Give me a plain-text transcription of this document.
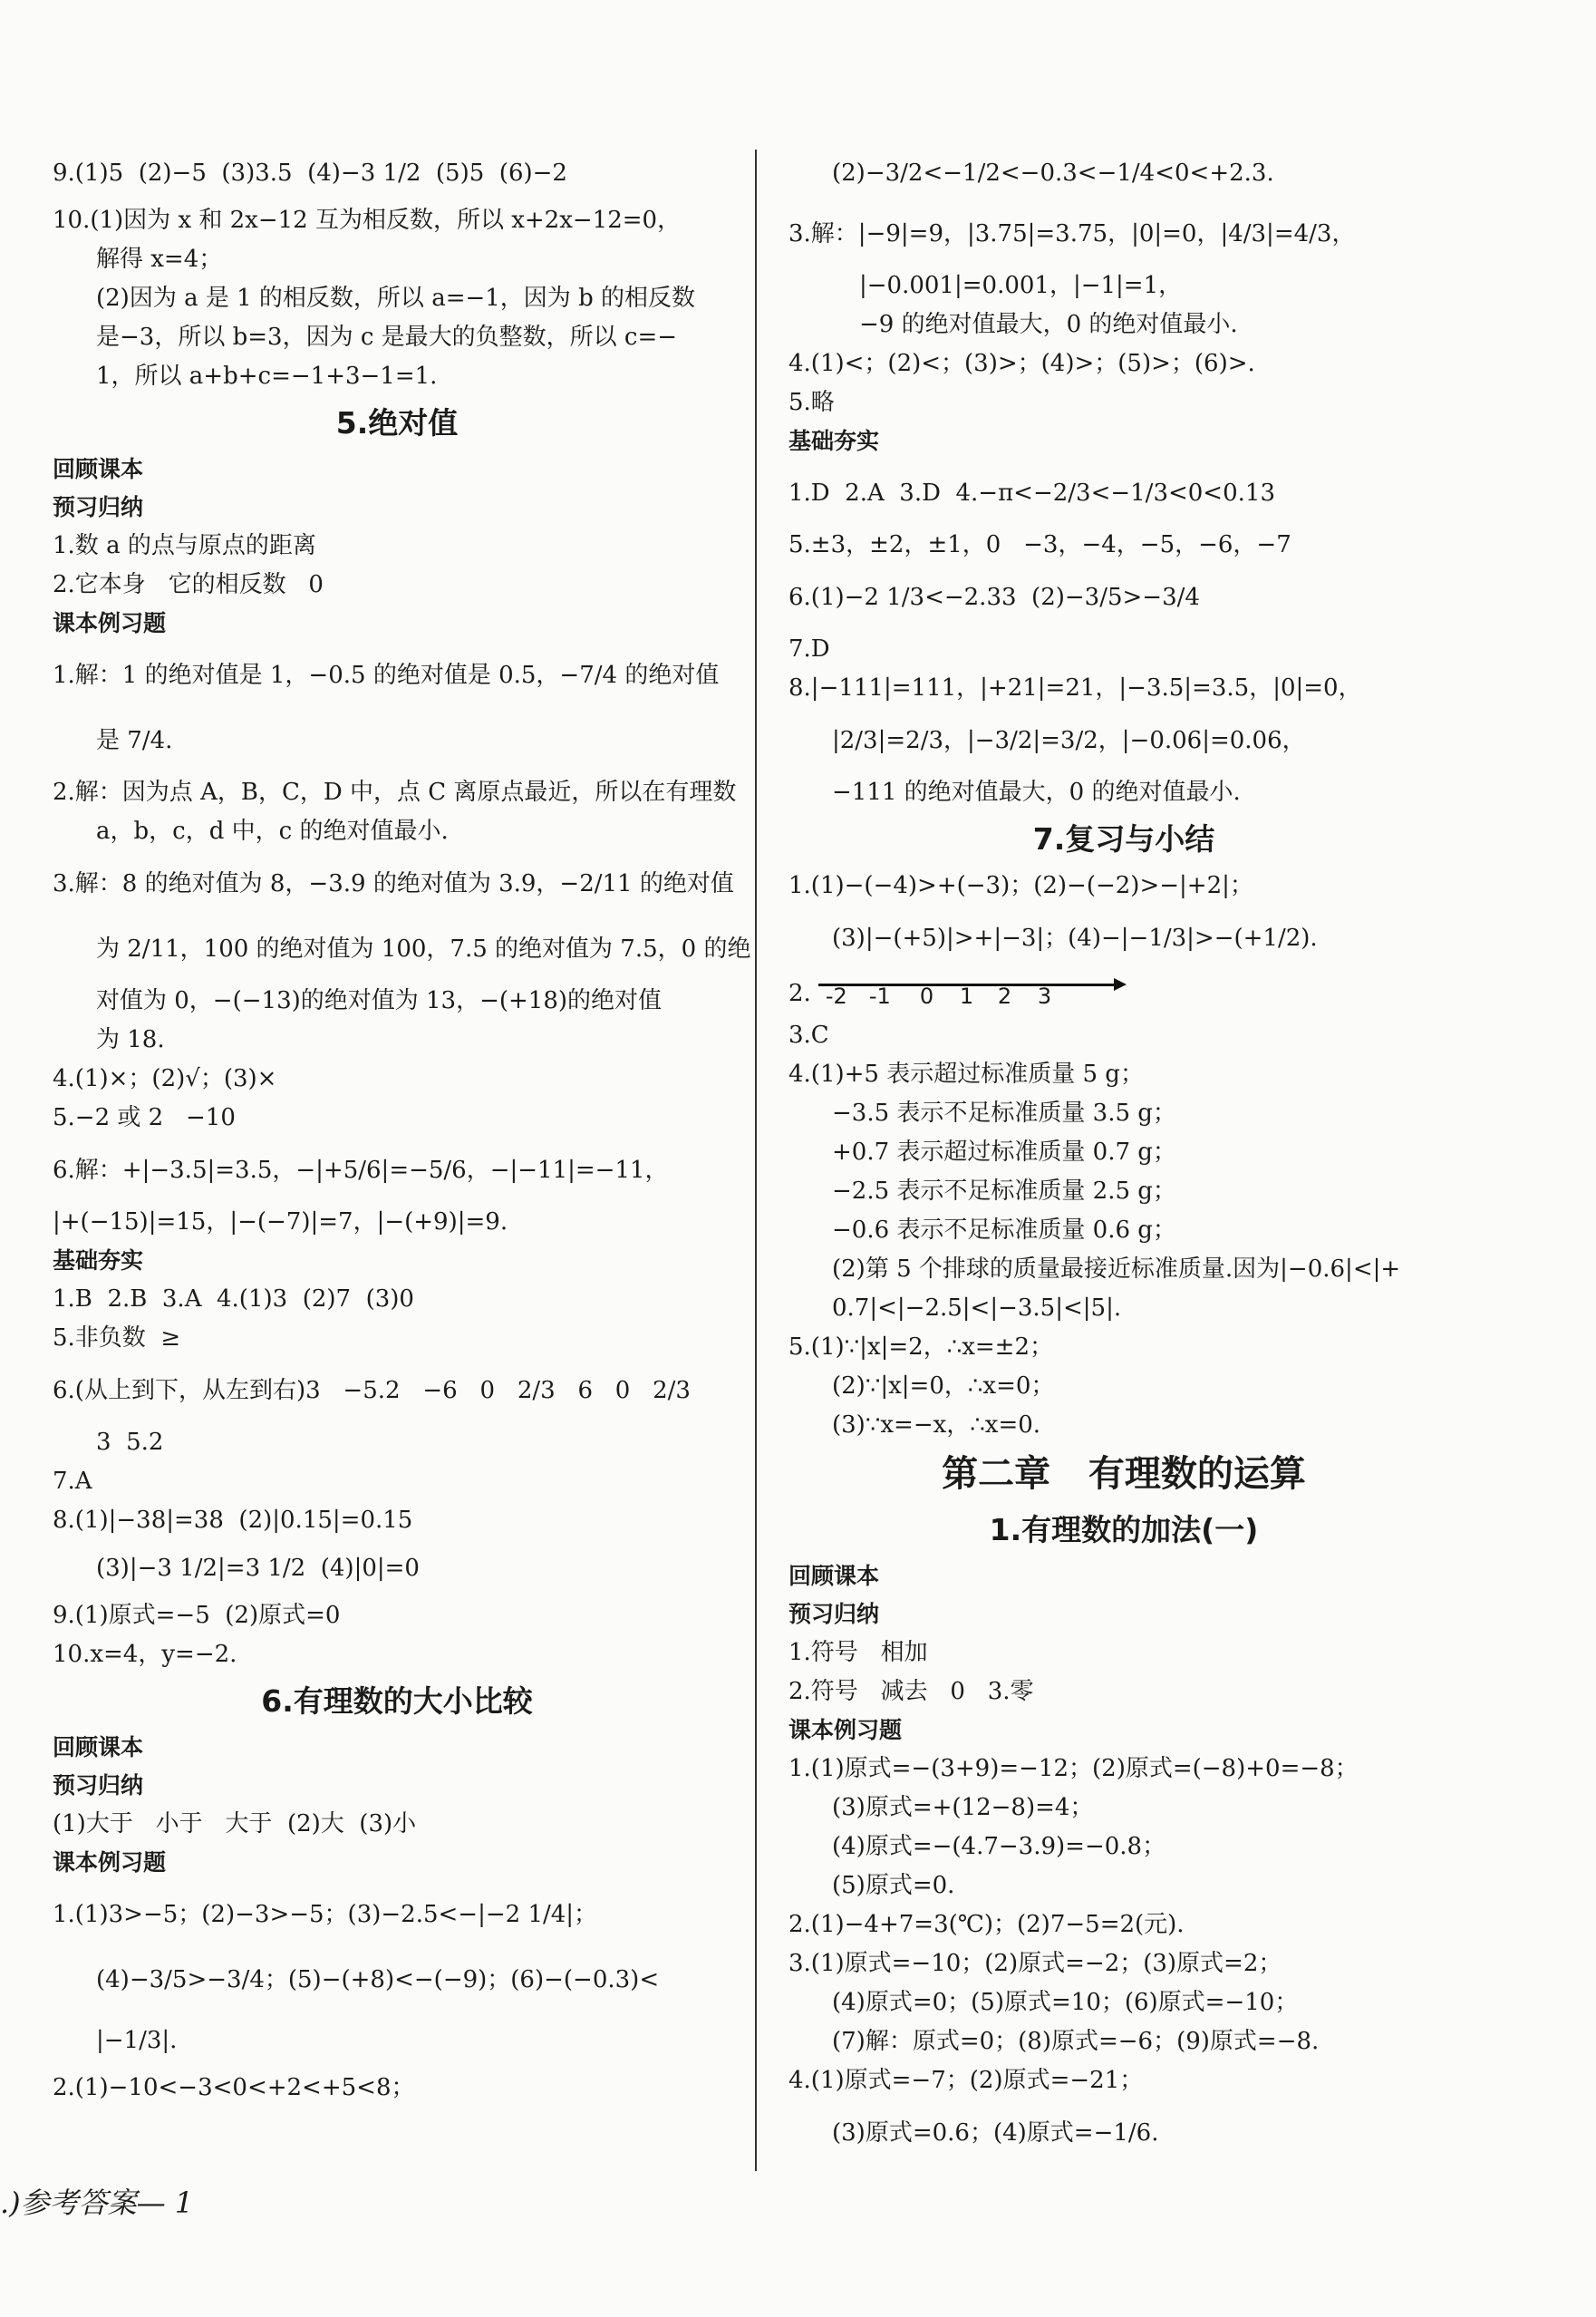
9.(1)5  (2)−5  (3)3.5  (4)−3 1/2  (5)5  (6)−2
10.(1)因为 x 和 2x−12 互为相反数，所以 x+2x−12=0，
解得 x=4；
(2)因为 a 是 1 的相反数，所以 a=−1，因为 b 的相反数
是−3，所以 b=3，因为 c 是最大的负整数，所以 c=−
1，所以 a+b+c=−1+3−1=1.
5.绝对值
回顾课本
预习归纳
1.数 a 的点与原点的距离
2.它本身   它的相反数   0
课本例习题
1.解：1 的绝对值是 1，−0.5 的绝对值是 0.5，−7/4 的绝对值
是 7/4.
2.解：因为点 A，B，C，D 中，点 C 离原点最近，所以在有理数
a，b，c，d 中，c 的绝对值最小.
3.解：8 的绝对值为 8，−3.9 的绝对值为 3.9，−2/11 的绝对值
为 2/11，100 的绝对值为 100，7.5 的绝对值为 7.5，0 的绝
对值为 0，−(−13)的绝对值为 13，−(+18)的绝对值
为 18.
4.(1)×；(2)√；(3)×
5.−2 或 2   −10
6.解：+|−3.5|=3.5，−|+5/6|=−5/6，−|−11|=−11，
|+(−15)|=15，|−(−7)|=7，|−(+9)|=9.
基础夯实
1.B  2.B  3.A  4.(1)3  (2)7  (3)0
5.非负数  ≥
6.(从上到下，从左到右)3   −5.2   −6   0   2/3   6   0   2/3
3  5.2
7.A
8.(1)|−38|=38  (2)|0.15|=0.15
(3)|−3 1/2|=3 1/2  (4)|0|=0
9.(1)原式=−5  (2)原式=0
10.x=4，y=−2.
6.有理数的大小比较
回顾课本
预习归纳
(1)大于   小于   大于  (2)大  (3)小
课本例习题
1.(1)3>−5；(2)−3>−5；(3)−2.5<−|−2 1/4|；
(4)−3/5>−3/4；(5)−(+8)<−(−9)；(6)−(−0.3)<
|−1/3|.
2.(1)−10<−3<0<+2<+5<8；
(2)−3/2<−1/2<−0.3<−1/4<0<+2.3.
3.解：|−9|=9，|3.75|=3.75，|0|=0，|4/3|=4/3，
|−0.001|=0.001，|−1|=1，
−9 的绝对值最大，0 的绝对值最小.
4.(1)<；(2)<；(3)>；(4)>；(5)>；(6)>.
5.略
基础夯实
1.D  2.A  3.D  4.−π<−2/3<−1/3<0<0.13
5.±3，±2，±1，0   −3，−4，−5，−6，−7
6.(1)−2 1/3<−2.33  (2)−3/5>−3/4
7.D
8.|−111|=111，|+21|=21，|−3.5|=3.5，|0|=0，
|2/3|=2/3，|−3/2|=3/2，|−0.06|=0.06，
−111 的绝对值最大，0 的绝对值最小.
7.复习与小结
1.(1)−(−4)>+(−3)；(2)−(−2)>−|+2|；
(3)|−(+5)|>+|−3|；(4)−|−1/3|>−(+1/2).
2. -2 -1 0 1 2 3
3.C
4.(1)+5 表示超过标准质量 5 g；
−3.5 表示不足标准质量 3.5 g；
+0.7 表示超过标准质量 0.7 g；
−2.5 表示不足标准质量 2.5 g；
−0.6 表示不足标准质量 0.6 g；
(2)第 5 个排球的质量最接近标准质量.因为|−0.6|<|+
0.7|<|−2.5|<|−3.5|<|5|.
5.(1)∵|x|=2，∴x=±2；
(2)∵|x|=0，∴x=0；
(3)∵x=−x，∴x=0.
第二章   有理数的运算
1.有理数的加法(一)
回顾课本
预习归纳
1.符号   相加
2.符号   减去   0   3.零
课本例习题
1.(1)原式=−(3+9)=−12；(2)原式=(−8)+0=−8；
(3)原式=+(12−8)=4；
(4)原式=−(4.7−3.9)=−0.8；
(5)原式=0.
2.(1)−4+7=3(℃)；(2)7−5=2(元).
3.(1)原式=−10；(2)原式=−2；(3)原式=2；
(4)原式=0；(5)原式=10；(6)原式=−10；
(7)解：原式=0；(8)原式=−6；(9)原式=−8.
4.(1)原式=−7；(2)原式=−21；
(3)原式=0.6；(4)原式=−1/6.
.)参考答案— 1
